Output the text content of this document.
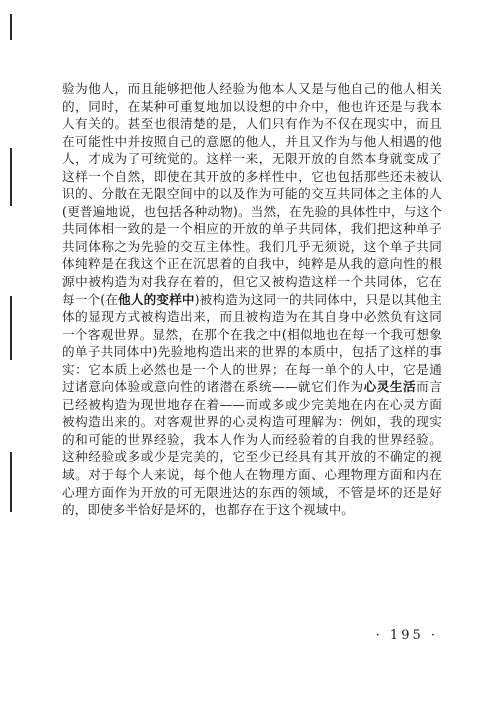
验为他人，而且能够把他人经验为他本人又是与他自己的他人相关的，同时，在某种可重复地加以设想的中介中，他也许还是与我本人有关的。甚至也很清楚的是，人们只有作为不仅在现实中，而且在可能性中并按照自己的意愿的他人，并且又作为与他人相遇的他人，才成为了可统觉的。这样一来，无限开放的自然本身就变成了这样一个自然，即使在其开放的多样性中，它也包括那些还未被认识的、分散在无限空间中的以及作为可能的交互共同体之主体的人(更普遍地说，也包括各种动物)。当然，在先验的具体性中，与这个共同体相一致的是一个相应的开放的单子共同体，我们把这种单子共同体称之为先验的交互主体性。我们几乎无须说，这个单子共同体纯粹是在我这个正在沉思着的自我中，纯粹是从我的意向性的根源中被构造为对我存在着的，但它又被构造这样一个共同体，它在每一个(在他人的变样中)被构造为这同一的共同体中，只是以其他主体的显现方式被构造出来，而且被构造为在其自身中必然负有这同一个客观世界。显然，在那个在我之中(相似地也在每一个我可想象的单子共同体中)先验地构造出来的世界的本质中，包括了这样的事实：它本质上必然也是一个人的世界；在每一单个的人中，它是通过诸意向体验或意向性的诸潜在系统——就它们作为心灵生活而言已经被构造为现世地存在着——而或多或少完美地在内在心灵方面被构造出来的。对客观世界的心灵构造可理解为：例如，我的现实的和可能的世界经验，我本人作为人而经验着的自我的世界经验。这种经验或多或少是完美的，它至少已经具有其开放的不确定的视域。对于每个人来说，每个他人在物理方面、心理物理方面和内在心理方面作为开放的可无限进达的东西的领域，不管是坏的还是好的，即使多半恰好是坏的，也都存在于这个视域中。

· 195 ·
